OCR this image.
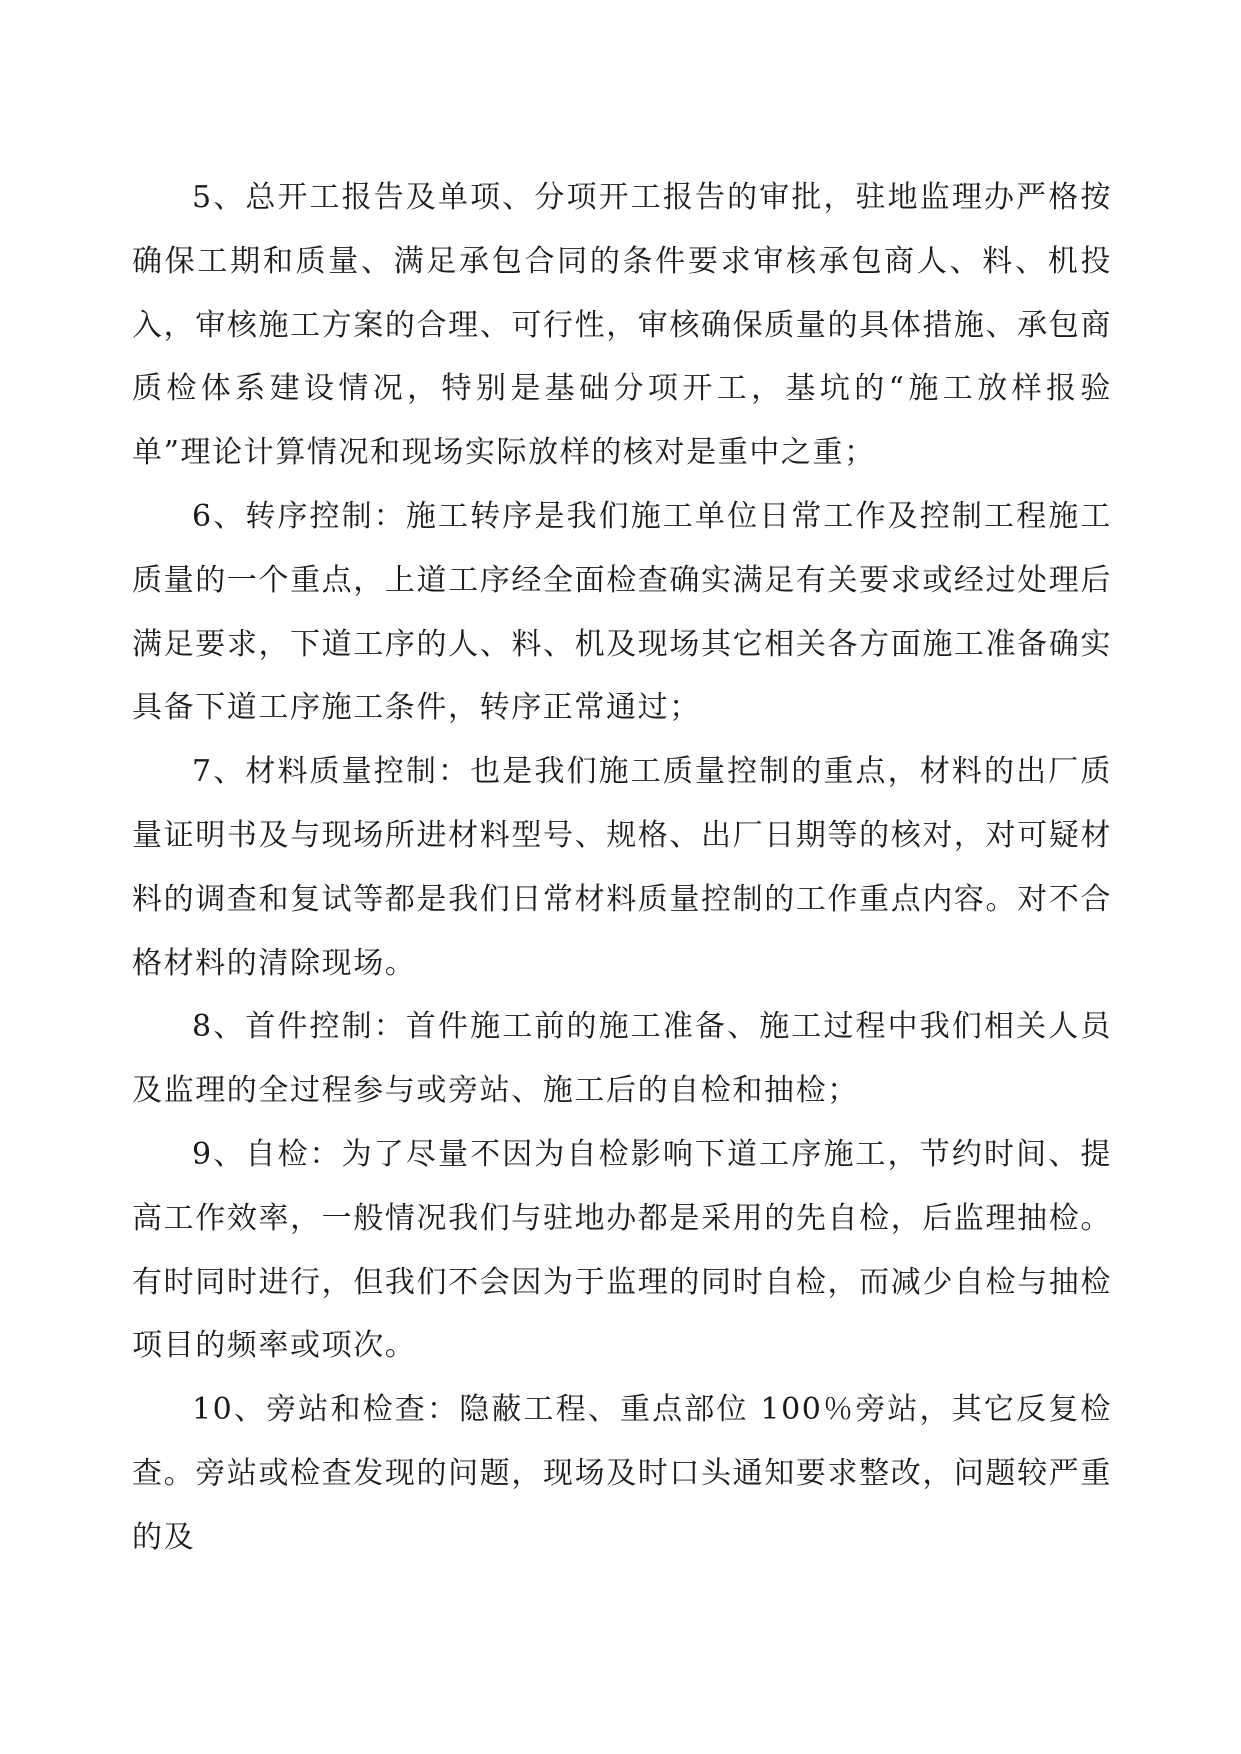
5、总开工报告及单项、分项开工报告的审批，驻地监理办严格按确保工期和质量、满足承包合同的条件要求审核承包商人、料、机投入，审核施工方案的合理、可行性，审核确保质量的具体措施、承包商质检体系建设情况，特别是基础分项开工，基坑的“施工放样报验单”理论计算情况和现场实际放样的核对是重中之重；

6、转序控制：施工转序是我们施工单位日常工作及控制工程施工质量的一个重点，上道工序经全面检查确实满足有关要求或经过处理后满足要求，下道工序的人、料、机及现场其它相关各方面施工准备确实具备下道工序施工条件，转序正常通过；

7、材料质量控制：也是我们施工质量控制的重点，材料的出厂质量证明书及与现场所进材料型号、规格、出厂日期等的核对，对可疑材料的调查和复试等都是我们日常材料质量控制的工作重点内容。对不合格材料的清除现场。

8、首件控制：首件施工前的施工准备、施工过程中我们相关人员及监理的全过程参与或旁站、施工后的自检和抽检；

9、自检：为了尽量不因为自检影响下道工序施工，节约时间、提高工作效率，一般情况我们与驻地办都是采用的先自检，后监理抽检。有时同时进行，但我们不会因为于监理的同时自检，而减少自检与抽检项目的频率或项次。

10、旁站和检查：隐蔽工程、重点部位 100％旁站，其它反复检查。旁站或检查发现的问题，现场及时口头通知要求整改，问题较严重的及
